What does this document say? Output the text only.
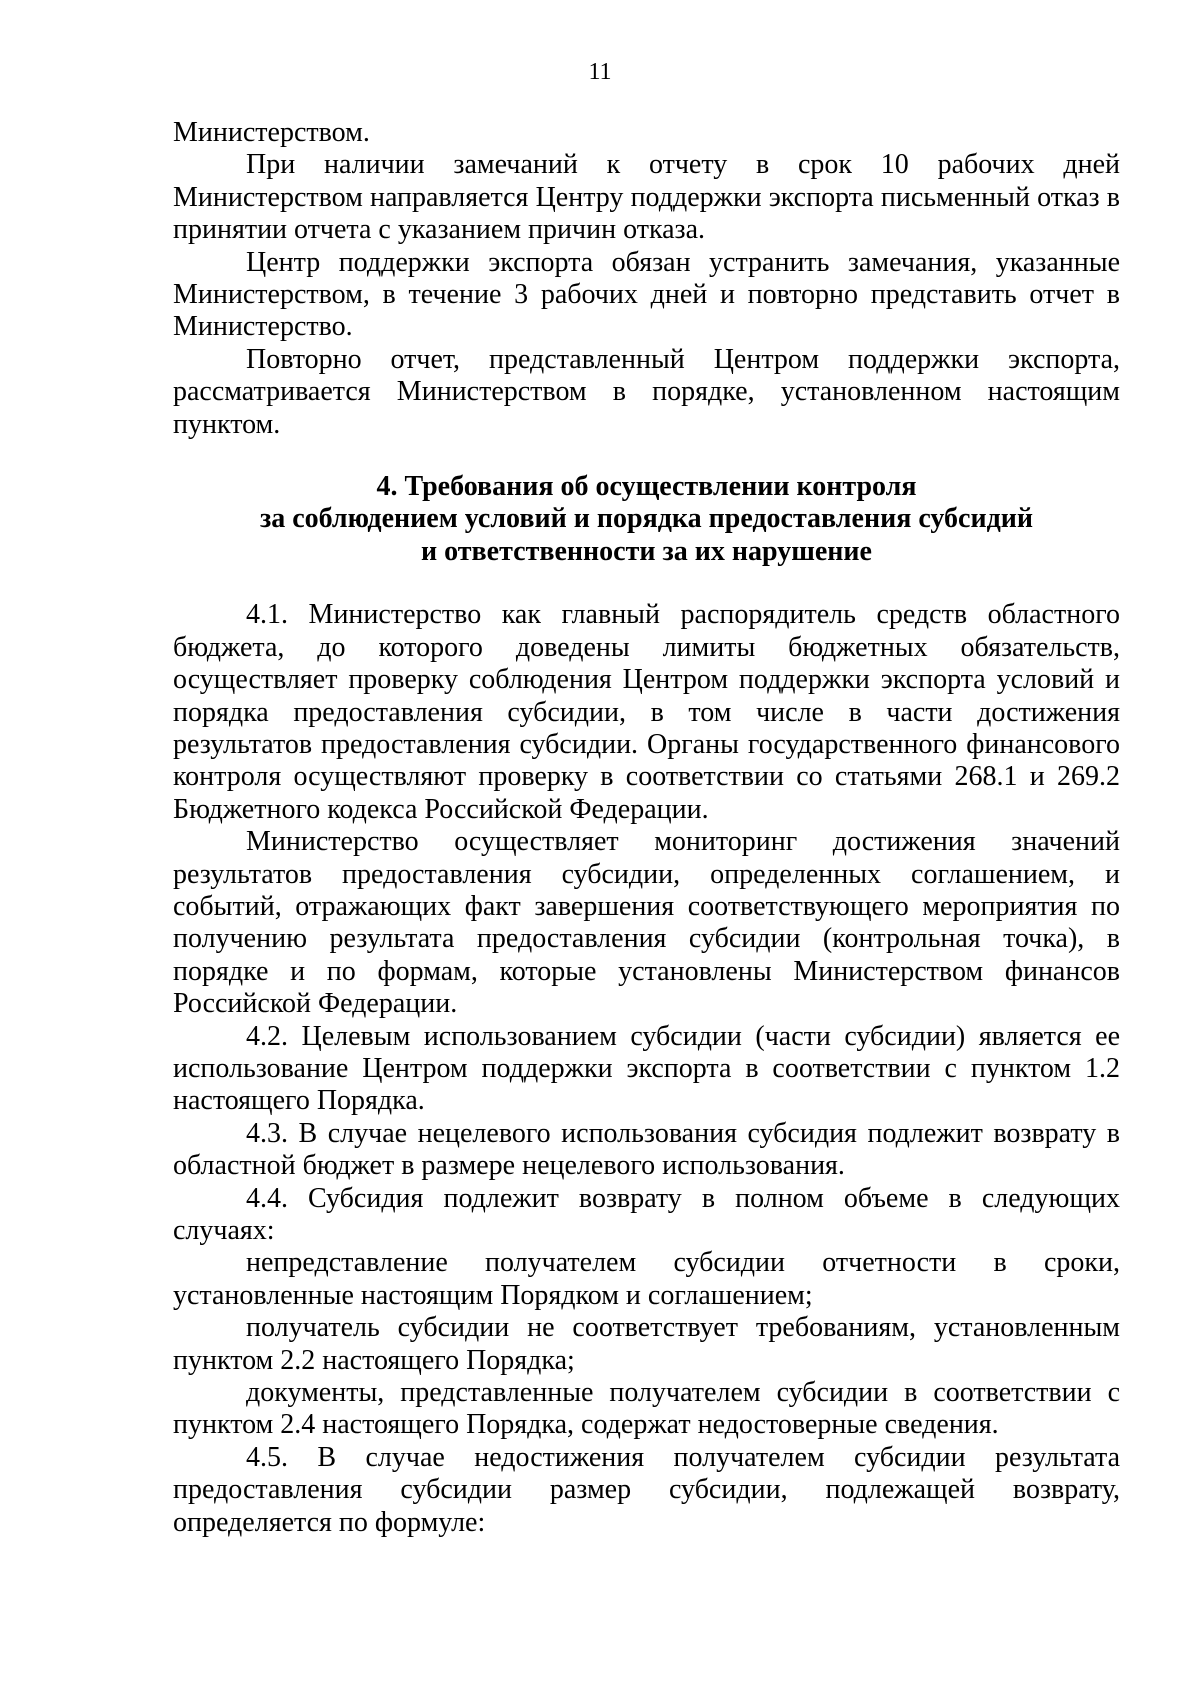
11

Министерством.

При наличии замечаний к отчету в срок 10 рабочих дней Министерством направляется Центру поддержки экспорта письменный отказ в принятии отчета с указанием причин отказа.

Центр поддержки экспорта обязан устранить замечания, указанные Министерством, в течение 3 рабочих дней и повторно представить отчет в Министерство.

Повторно отчет, представленный Центром поддержки экспорта, рассматривается Министерством в порядке, установленном настоящим пунктом.

4. Требования об осуществлении контроля
за соблюдением условий и порядка предоставления субсидий
и ответственности за их нарушение

4.1. Министерство как главный распорядитель средств областного бюджета, до которого доведены лимиты бюджетных обязательств, осуществляет проверку соблюдения Центром поддержки экспорта условий и порядка предоставления субсидии, в том числе в части достижения результатов предоставления субсидии. Органы государственного финансового контроля осуществляют проверку в соответствии со статьями 268.1 и 269.2 Бюджетного кодекса Российской Федерации.

Министерство осуществляет мониторинг достижения значений результатов предоставления субсидии, определенных соглашением, и событий, отражающих факт завершения соответствующего мероприятия по получению результата предоставления субсидии (контрольная точка), в порядке и по формам, которые установлены Министерством финансов Российской Федерации.

4.2. Целевым использованием субсидии (части субсидии) является ее использование Центром поддержки экспорта в соответствии с пунктом 1.2 настоящего Порядка.

4.3. В случае нецелевого использования субсидия подлежит возврату в областной бюджет в размере нецелевого использования.

4.4. Субсидия подлежит возврату в полном объеме в следующих случаях:

непредставление получателем субсидии отчетности в сроки, установленные настоящим Порядком и соглашением;

получатель субсидии не соответствует требованиям, установленным пунктом 2.2 настоящего Порядка;

документы, представленные получателем субсидии в соответствии с пунктом 2.4 настоящего Порядка, содержат недостоверные сведения.

4.5. В случае недостижения получателем субсидии результата предоставления субсидии размер субсидии, подлежащей возврату, определяется по формуле:
